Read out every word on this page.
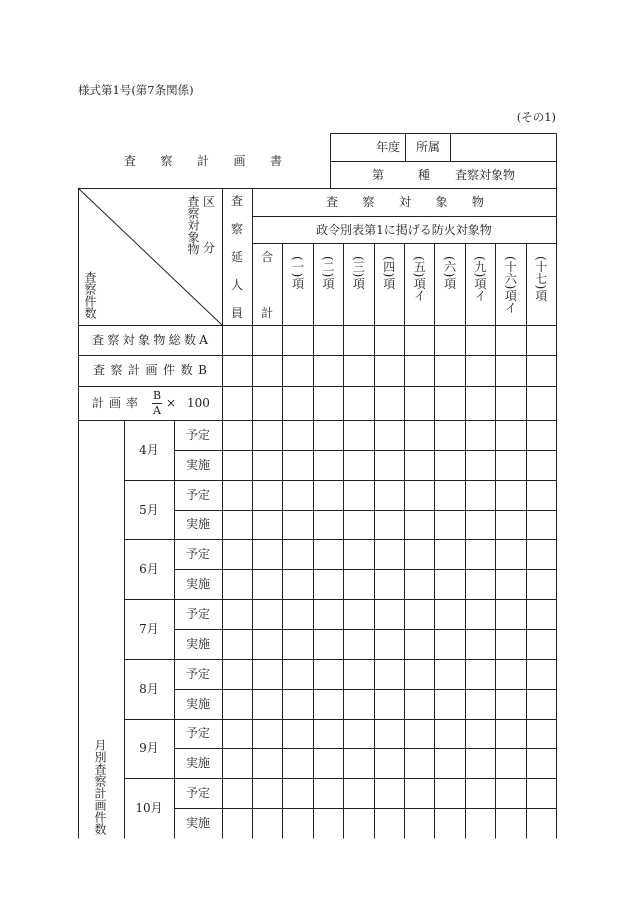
様式第1号(第7条関係)
(その1)
査 察 計 画 書
年度 所属
第	種 査察対象物
査察対象物 区
分
査察件数
査
察
延
人
員
査 察 対 象 物
政令別表第1に掲げる防火対象物
査 察 対 象 物 総 数 A
査 察 計 画 件 数 B
計 画 率
B
A
× 100
月別査察計画件数
合
計
(一)項 (二)項 (三)項 (四)項 (五)項イ (六)項 (九)項イ (十六)項イ (十七)項
4月
予定
実施
5月
予定
実施
6月
予定
実施
7月
予定
実施
8月
予定
実施
9月
予定
実施
10月
予定
実施
